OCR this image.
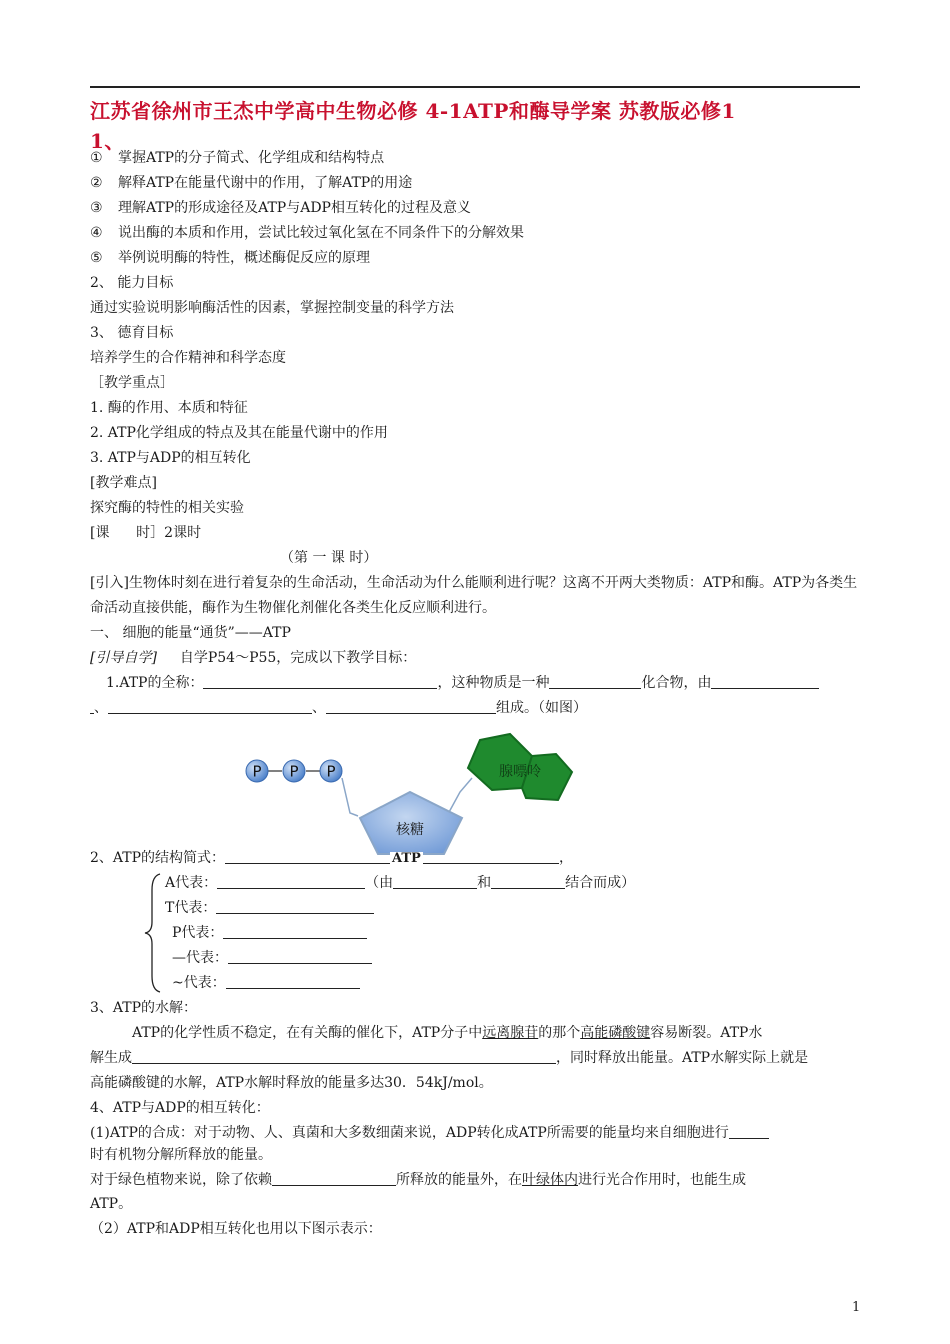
江苏省徐州市王杰中学高中生物必修 4-1ATP和酶导学案 苏教版必修1
1、
① 掌握ATP的分子简式、化学组成和结构特点
② 解释ATP在能量代谢中的作用，了解ATP的用途
③ 理解ATP的形成途径及ATP与ADP相互转化的过程及意义
④ 说出酶的本质和作用，尝试比较过氧化氢在不同条件下的分解效果
⑤ 举例说明酶的特性，概述酶促反应的原理
2、 能力目标
通过实验说明影响酶活性的因素，掌握控制变量的科学方法
3、 德育目标
培养学生的合作精神和科学态度
［教学重点］
1. 酶的作用、本质和特征
2. ATP化学组成的特点及其在能量代谢中的作用
3. ATP与ADP的相互转化
[教学难点]
探究酶的特性的相关实验
[课      时］2课时
（第 一 课 时）
[引入]生物体时刻在进行着复杂的生命活动，生命活动为什么能顺利进行呢？这离不开两大类物质：ATP和酶。ATP为各类生命活动直接供能，酶作为生物催化剂催化各类生化反应顺利进行。
一、 细胞的能量“通货”——ATP
[引导自学] 自学P54～P55，完成以下教学目标：
1.ATP的全称：	，这种物质是一种	化合物，由
、	、	组成。（如图）
P P P
核糖
腺嘌呤
2、ATP的结构简式：	，
ATP
A代表：	（由	和	结合而成）
T代表：
P代表：
—代表：
~代表：
3、ATP的水解：
ATP的化学性质不稳定，在有关酶的催化下，ATP分子中远离腺苷的那个高能磷酸键容易断裂。ATP水
解生成	，同时释放出能量。ATP水解实际上就是
高能磷酸键的水解，ATP水解时释放的能量多达30．54kJ/mol。
4、ATP与ADP的相互转化：
(1)ATP的合成：对于动物、人、真菌和大多数细菌来说，ADP转化成ATP所需要的能量均来自细胞进行
时有机物分解所释放的能量。
对于绿色植物来说，除了依赖	所释放的能量外，在叶绿体内进行光合作用时，也能生成
ATP。
（2）ATP和ADP相互转化也用以下图示表示：
1
